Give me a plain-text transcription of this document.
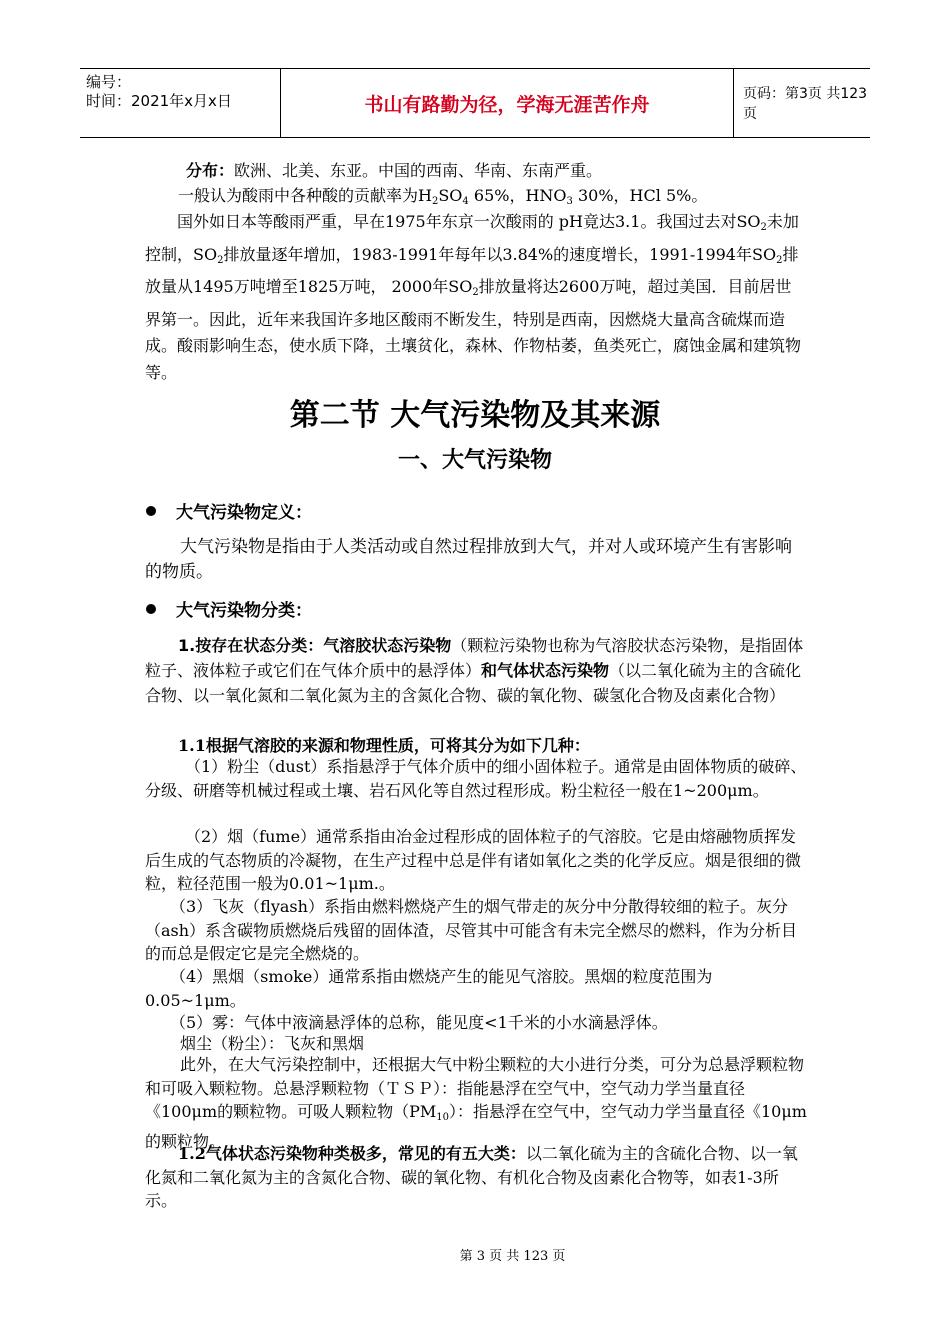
编号：
时间：2021年x月x日	书山有路勤为径，学海无涯苦作舟	页码：第3页 共123页
分布：欧洲、北美、东亚。中国的西南、华南、东南严重。
一般认为酸雨中各种酸的贡献率为$H_2SO_4$ 65%，$HNO_3$ 30%，HCl 5%。
国外如日本等酸雨严重，早在1975年东京一次酸雨的 pH竟达3.1。我国过去对$SO_2$未加控制，$SO_2$排放量逐年增加，1983-1991年每年以3.84%的速度增长，1991-1994年$SO_2$排放量从1495万吨增至1825万吨， 2000年$SO_2$排放量将达2600万吨，超过美国．目前居世界第一。因此，近年来我国许多地区酸雨不断发生，特别是西南，因燃烧大量高含硫煤而造成。酸雨影响生态，使水质下降，土壤贫化，森林、作物枯萎，鱼类死亡，腐蚀金属和建筑物等。
第二节 大气污染物及其来源
一、大气污染物
大气污染物定义：
大气污染物是指由于人类活动或自然过程排放到大气，并对人或环境产生有害影响的物质。
大气污染物分类：
1.按存在状态分类：气溶胶状态污染物（颗粒污染物也称为气溶胶状态污染物，是指固体粒子、液体粒子或它们在气体介质中的悬浮体）和气体状态污染物（以二氧化硫为主的含硫化合物、以一氧化氮和二氧化氮为主的含氮化合物、碳的氧化物、碳氢化合物及卤素化合物）
1.1根据气溶胶的来源和物理性质，可将其分为如下几种：
（1）粉尘（dust）系指悬浮于气体介质中的细小固体粒子。通常是由固体物质的破碎、分级、研磨等机械过程或土壤、岩石风化等自然过程形成。粉尘粒径一般在1~200μm。
（2）烟（fume）通常系指由冶金过程形成的固体粒子的气溶胶。它是由熔融物质挥发后生成的气态物质的冷凝物，在生产过程中总是伴有诸如氧化之类的化学反应。烟是很细的微粒，粒径范围一般为0.01~1μm.。
（3）飞灰（flyash）系指由燃料燃烧产生的烟气带走的灰分中分散得较细的粒子。灰分（ash）系含碳物质燃烧后残留的固体渣，尽管其中可能含有未完全燃尽的燃料，作为分析目的而总是假定它是完全燃烧的。
（4）黑烟（smoke）通常系指由燃烧产生的能见气溶胶。黑烟的粒度范围为0.05~1μm。
（5）雾：气体中液滴悬浮体的总称，能见度<1千米的小水滴悬浮体。
烟尘（粉尘）：飞灰和黑烟
此外，在大气污染控制中，还根据大气中粉尘颗粒的大小进行分类，可分为总悬浮颗粒物和可吸入颗粒物。总悬浮颗粒物（ＴＳＰ）：指能悬浮在空气中，空气动力学当量直径《100μm的颗粒物。可吸人颗粒物$(PM_{10})$：指悬浮在空气中，空气动力学当量直径《10μm的颗粒物。
1.2气体状态污染物种类极多，常见的有五大类：以二氧化硫为主的含硫化合物、以一氧化氮和二氧化氮为主的含氮化合物、碳的氧化物、有机化合物及卤素化合物等，如表1-3所示。
第 3 页 共 123 页
